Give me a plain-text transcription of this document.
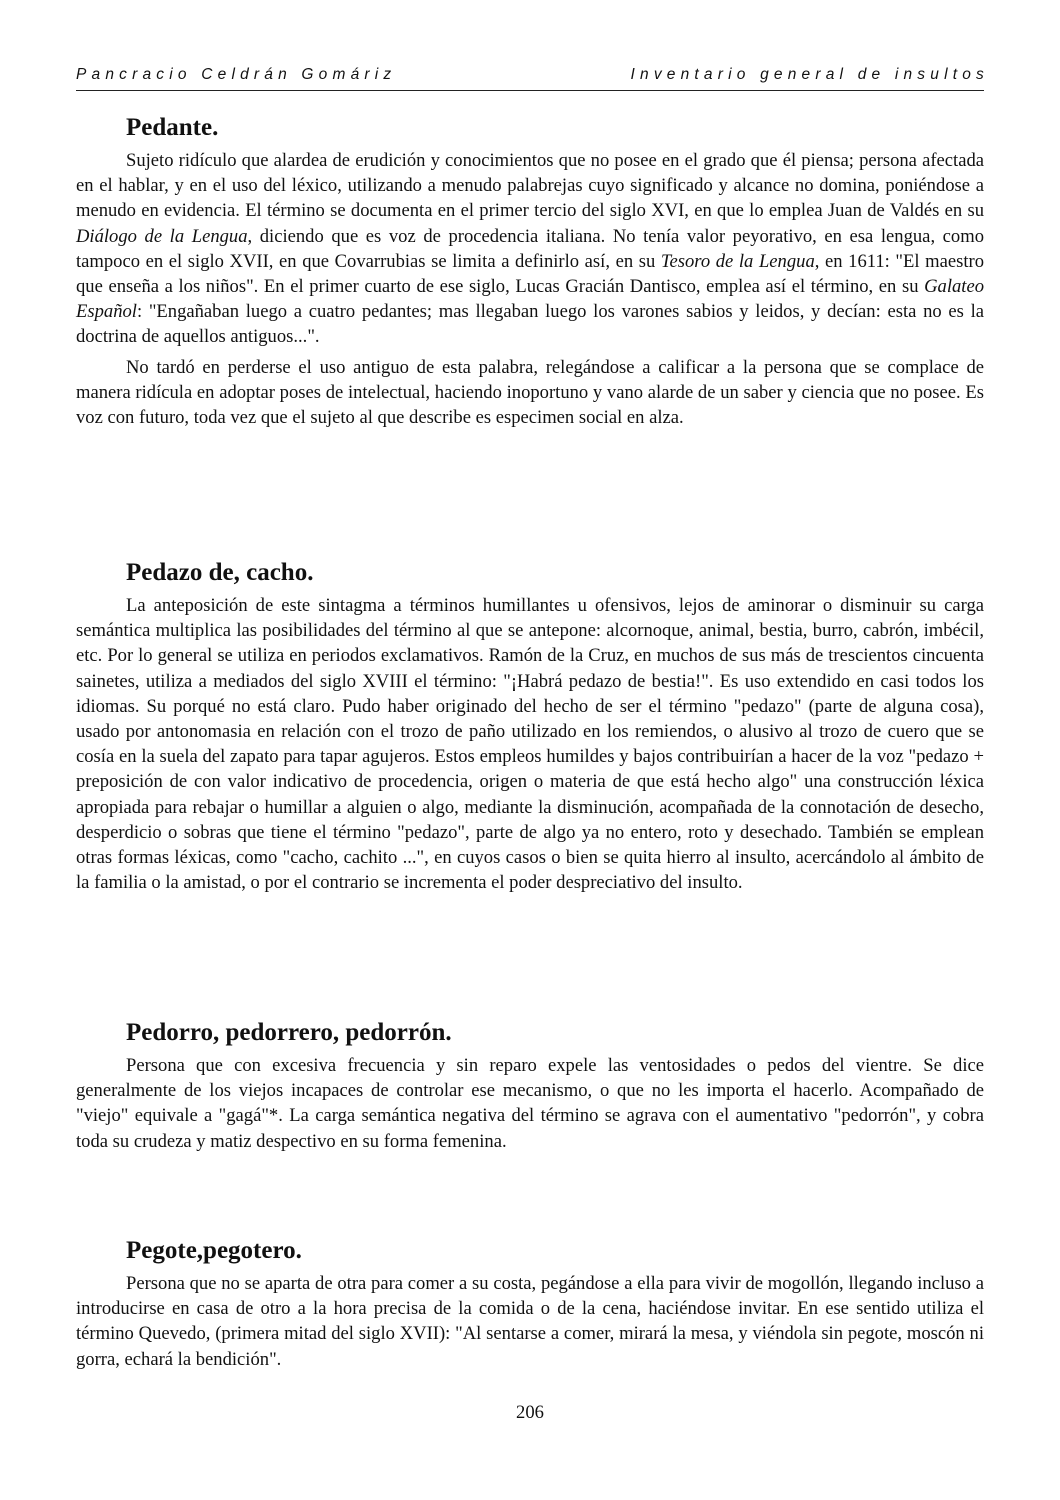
Pancracio Celdrán Gomáriz	Inventario general de insultos
Pedante.

Sujeto ridículo que alardea de erudición y conocimientos que no posee en el grado que él piensa; persona afectada en el hablar, y en el uso del léxico, utilizando a menudo palabrejas cuyo significado y alcance no domina, poniéndose a menudo en evidencia. El término se documenta en el primer tercio del siglo XVI, en que lo emplea Juan de Valdés en su Diálogo de la Lengua, diciendo que es voz de procedencia italiana. No tenía valor peyorativo, en esa lengua, como tampoco en el siglo XVII, en que Covarrubias se limita a definirlo así, en su Tesoro de la Lengua, en 1611: "El maestro que enseña a los niños". En el primer cuarto de ese siglo, Lucas Gracián Dantisco, emplea así el término, en su Galateo Español: "Engañaban luego a cuatro pedantes; mas llegaban luego los varones sabios y leidos, y decían: esta no es la doctrina de aquellos antiguos...".

No tardó en perderse el uso antiguo de esta palabra, relegándose a calificar a la persona que se complace de manera ridícula en adoptar poses de intelectual, haciendo inoportuno y vano alarde de un saber y ciencia que no posee. Es voz con futuro, toda vez que el sujeto al que describe es especimen social en alza.

Pedazo de, cacho.

La anteposición de este sintagma a términos humillantes u ofensivos, lejos de aminorar o disminuir su carga semántica multiplica las posibilidades del término al que se antepone: alcornoque, animal, bestia, burro, cabrón, imbécil, etc. Por lo general se utiliza en periodos exclamativos. Ramón de la Cruz, en muchos de sus más de trescientos cincuenta sainetes, utiliza a mediados del siglo XVIII el término: "¡Habrá pedazo de bestia!". Es uso extendido en casi todos los idiomas. Su porqué no está claro. Pudo haber originado del hecho de ser el término "pedazo" (parte de alguna cosa), usado por antonomasia en relación con el trozo de paño utilizado en los remiendos, o alusivo al trozo de cuero que se cosía en la suela del zapato para tapar agujeros. Estos empleos humildes y bajos contribuirían a hacer de la voz "pedazo + preposición de con valor indicativo de procedencia, origen o materia de que está hecho algo" una construcción léxica apropiada para rebajar o humillar a alguien o algo, mediante la disminución, acompañada de la connotación de desecho, desperdicio o sobras que tiene el término "pedazo", parte de algo ya no entero, roto y desechado. También se emplean otras formas léxicas, como "cacho, cachito ...", en cuyos casos o bien se quita hierro al insulto, acercándolo al ámbito de la familia o la amistad, o por el contrario se incrementa el poder despreciativo del insulto.

Pedorro, pedorrero, pedorrón.

Persona que con excesiva frecuencia y sin reparo expele las ventosidades o pedos del vientre. Se dice generalmente de los viejos incapaces de controlar ese mecanismo, o que no les importa el hacerlo. Acompañado de "viejo" equivale a "gagá"*. La carga semántica negativa del término se agrava con el aumentativo "pedorrón", y cobra toda su crudeza y matiz despectivo en su forma femenina.

Pegote,pegotero.

Persona que no se aparta de otra para comer a su costa, pegándose a ella para vivir de mogollón, llegando incluso a introducirse en casa de otro a la hora precisa de la comida o de la cena, haciéndose invitar. En ese sentido utiliza el término Quevedo, (primera mitad del siglo XVII): "Al sentarse a comer, mirará la mesa, y viéndola sin pegote, moscón ni gorra, echará la bendición".

206
